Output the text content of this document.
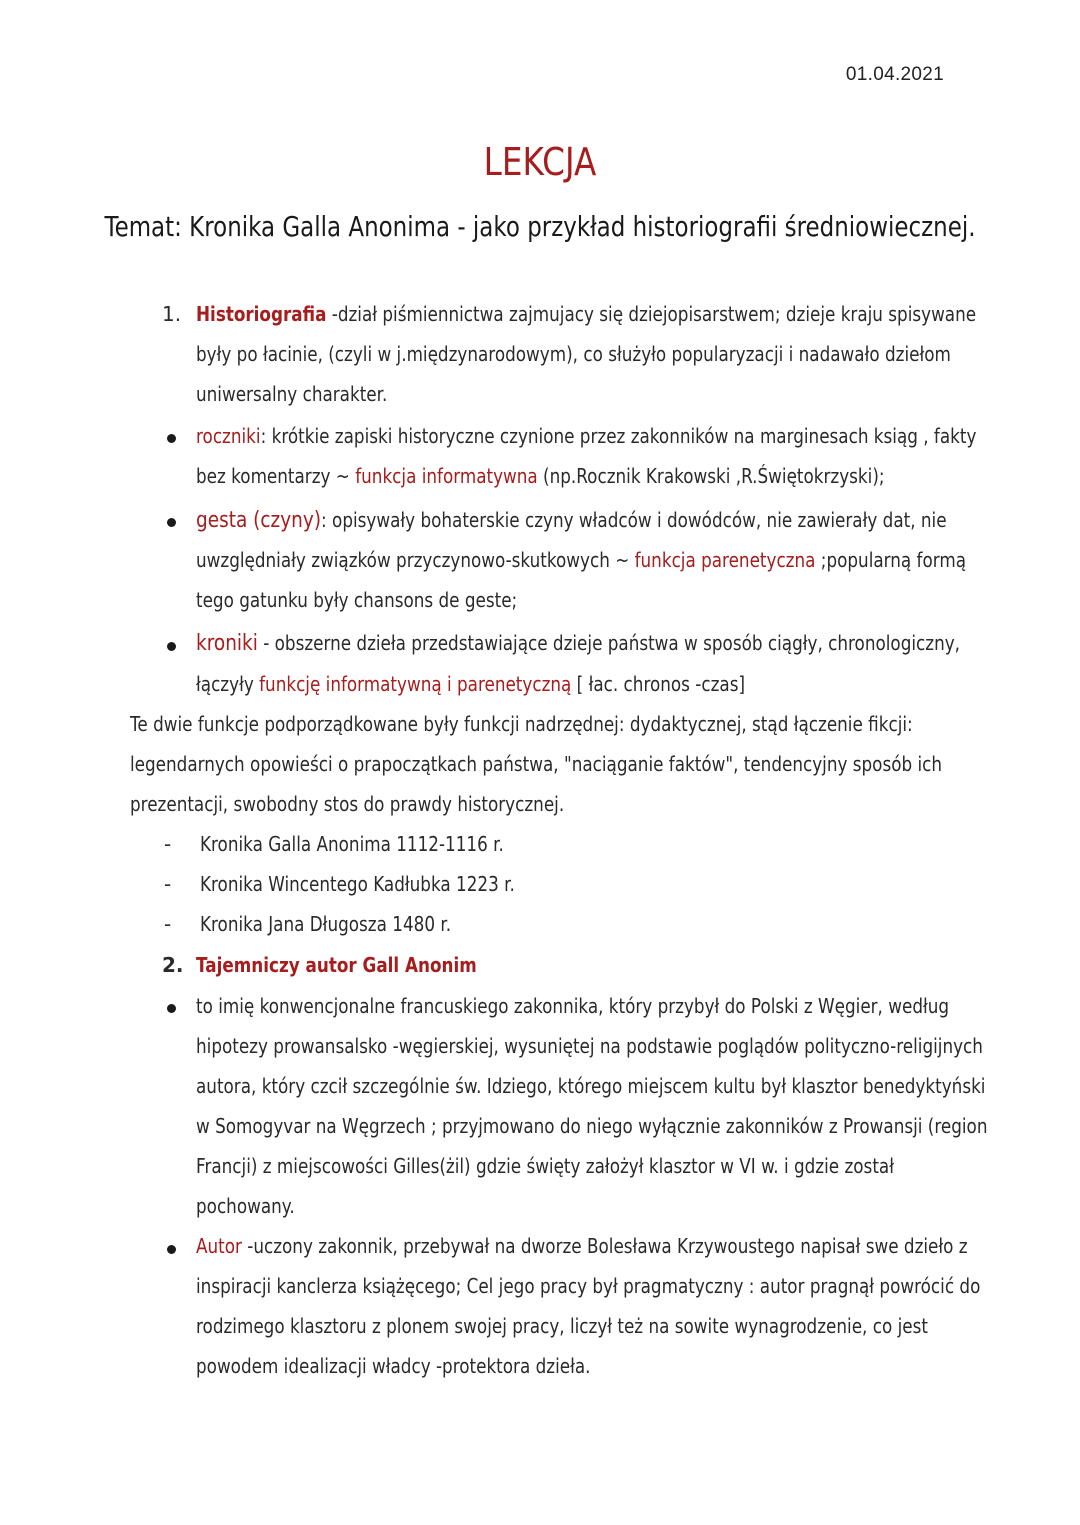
01.04.2021
LEKCJA
Temat: Kronika Galla Anonima - jako przykład historiografii średniowiecznej.
1. Historiografia -dział piśmiennictwa zajmujacy się dziejopisarstwem; dzieje kraju spisywane
były po łacinie, (czyli w j.międzynarodowym), co służyło popularyzacji i nadawało dziełom
uniwersalny charakter.
roczniki: krótkie zapiski historyczne czynione przez zakonników na marginesach ksiąg , fakty
bez komentarzy ~ funkcja informatywna (np.Rocznik Krakowski ,R.Świętokrzyski);
gesta (czyny): opisywały bohaterskie czyny władców i dowódców, nie zawierały dat, nie
uwzględniały związków przyczynowo-skutkowych ~ funkcja parenetyczna ;popularną formą
tego gatunku były chansons de geste;
kroniki - obszerne dzieła przedstawiające dzieje państwa w sposób ciągły, chronologiczny,
łączyły funkcję informatywną i parenetyczną [ łac. chronos -czas]
Te dwie funkcje podporządkowane były funkcji nadrzędnej: dydaktycznej, stąd łączenie fikcji:
legendarnych opowieści o prapoczątkach państwa, "naciąganie faktów", tendencyjny sposób ich
prezentacji, swobodny stos do prawdy historycznej.
- Kronika Galla Anonima 1112-1116 r.
- Kronika Wincentego Kadłubka 1223 r.
- Kronika Jana Długosza 1480 r.
2. Tajemniczy autor Gall Anonim
to imię konwencjonalne francuskiego zakonnika, który przybył do Polski z Węgier, według
hipotezy prowansalsko -węgierskiej, wysuniętej na podstawie poglądów polityczno-religijnych
autora, który czcił szczególnie św. Idziego, którego miejscem kultu był klasztor benedyktyński
w Somogyvar na Węgrzech ; przyjmowano do niego wyłącznie zakonników z Prowansji (region
Francji) z miejscowości Gilles(żil) gdzie święty założył klasztor w VI w. i gdzie został
pochowany.
Autor -uczony zakonnik, przebywał na dworze Bolesława Krzywoustego napisał swe dzieło z
inspiracji kanclerza książęcego; Cel jego pracy był pragmatyczny : autor pragnął powrócić do
rodzimego klasztoru z plonem swojej pracy, liczył też na sowite wynagrodzenie, co jest
powodem idealizacji władcy -protektora dzieła.
